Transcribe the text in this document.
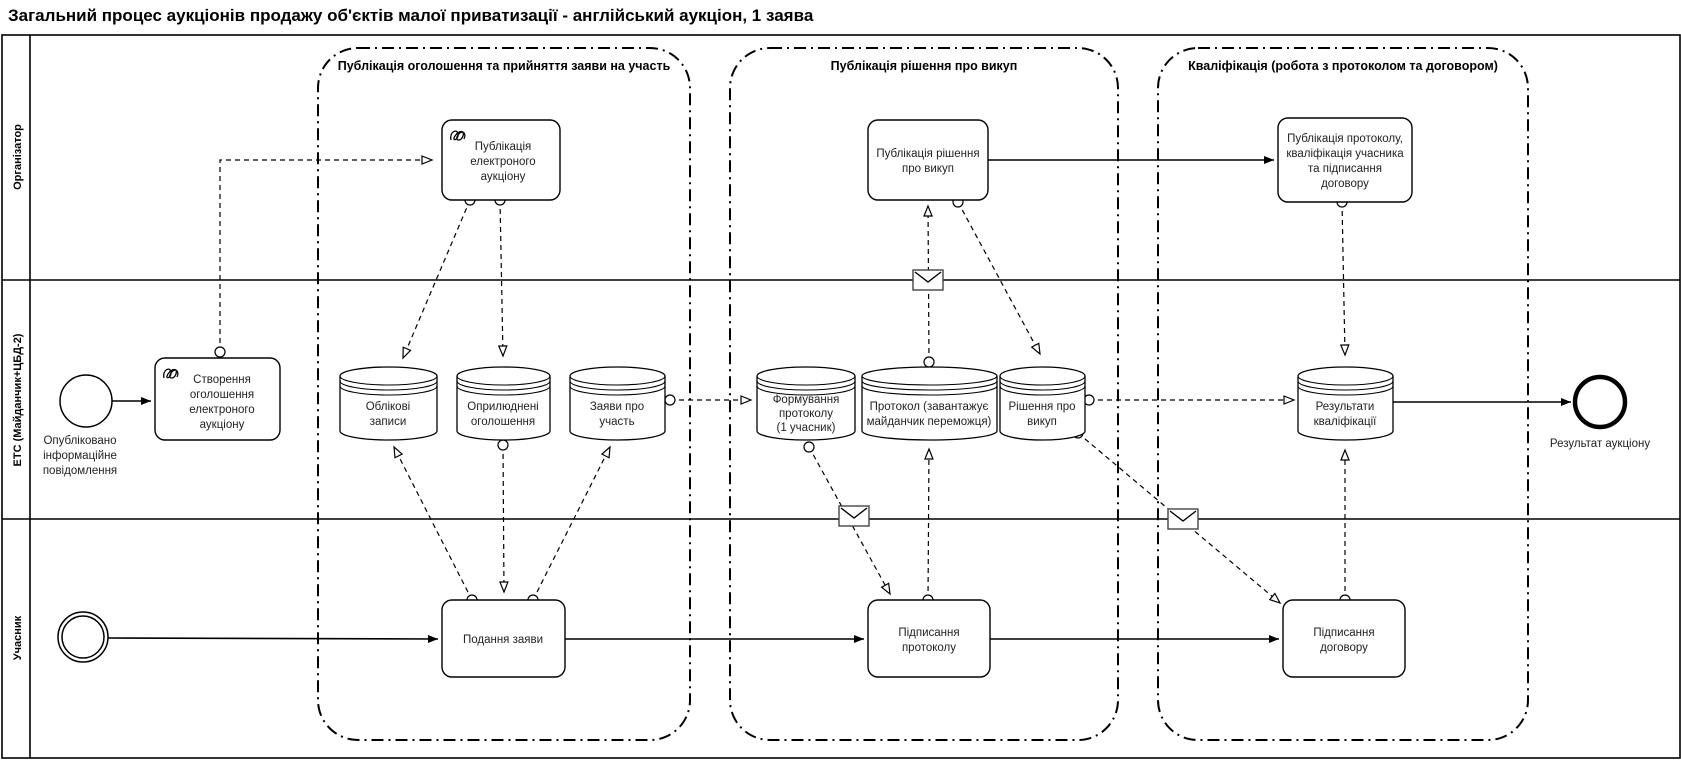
Загальний процес аукціонів продажу об'єктів малої приватизації - англійський аукціон, 1 заява
Організатор
ЕТС (Майданчик+ЦБД-2)
Учасник
Публікація оголошення та прийняття заяви на участь	Публікація рішення про викуп	Кваліфікація (робота з протоколом та договором)
Опубліковано
інформаційне
повідомлення
Результат аукціону
Створення
оголошення
електроного
аукціону
Публікація
електроного
аукціону
Публікація рішення
про викуп
Публікація протоколу,
кваліфікація учасника
та підписання
договору
Подання заяви
Підписання
протоколу
Підписання
договору
Облікові
записи
Оприлюднені
оголошення
Заяви про
участь
Формування
протоколу
(1 учасник)
Протокол (завантажує
майданчик переможця)
Рішення про
викуп
Результати
кваліфікації
